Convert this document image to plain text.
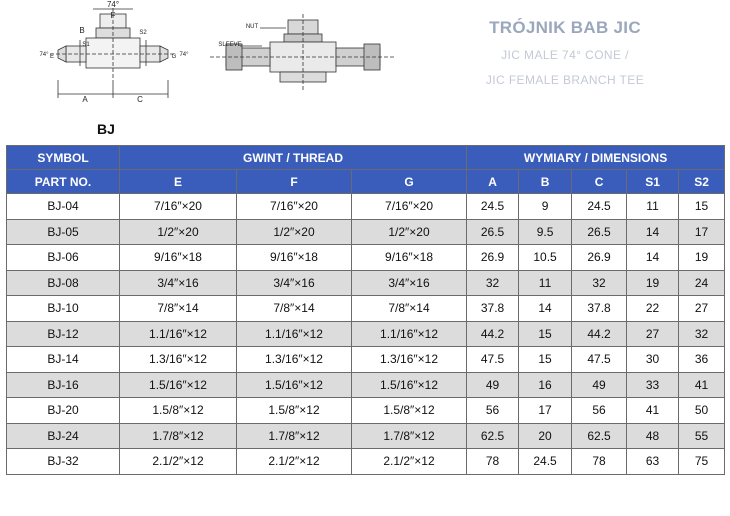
74°
F
B
S1
S2
74° E	G 74°
A	C
NUT
SLEEVE
TRÓJNIK BAB JIC
JIC MALE 74° CONE /
JIC FEMALE BRANCH TEE
BJ
SYMBOL	GWINT / THREAD			WYMIARY / DIMENSIONS				
PART NO.	E	F	G	A	B	C	S1	S2
BJ-04	7/16″×20	7/16″×20	7/16″×20	24.5	9	24.5	11	15
BJ-05	1/2″×20	1/2″×20	1/2″×20	26.5	9.5	26.5	14	17
BJ-06	9/16″×18	9/16″×18	9/16″×18	26.9	10.5	26.9	14	19
BJ-08	3/4″×16	3/4″×16	3/4″×16	32	11	32	19	24
BJ-10	7/8″×14	7/8″×14	7/8″×14	37.8	14	37.8	22	27
BJ-12	1.1/16″×12	1.1/16″×12	1.1/16″×12	44.2	15	44.2	27	32
BJ-14	1.3/16″×12	1.3/16″×12	1.3/16″×12	47.5	15	47.5	30	36
BJ-16	1.5/16″×12	1.5/16″×12	1.5/16″×12	49	16	49	33	41
BJ-20	1.5/8″×12	1.5/8″×12	1.5/8″×12	56	17	56	41	50
BJ-24	1.7/8″×12	1.7/8″×12	1.7/8″×12	62.5	20	62.5	48	55
BJ-32	2.1/2″×12	2.1/2″×12	2.1/2″×12	78	24.5	78	63	75
